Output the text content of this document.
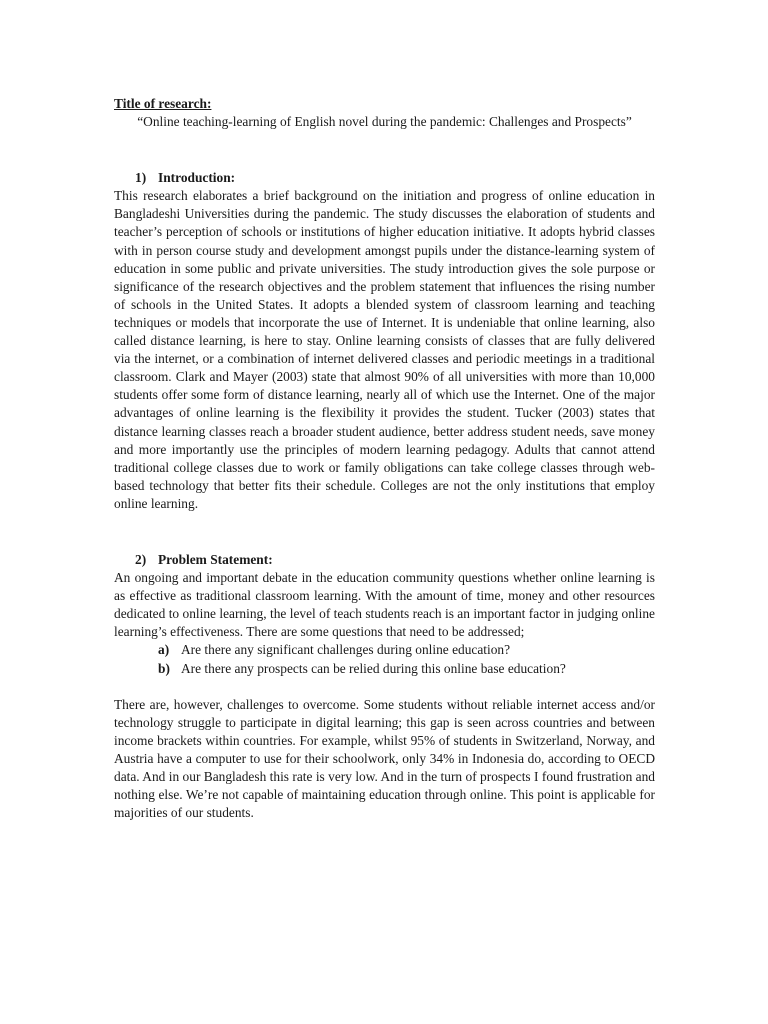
Title of research:

“Online teaching-learning of English novel during the pandemic: Challenges and Prospects”

1) Introduction:

This research elaborates a brief background on the initiation and progress of online education in Bangladeshi Universities during the pandemic. The study discusses the elaboration of students and teacher’s perception of schools or institutions of higher education initiative. It adopts hybrid classes with in person course study and development amongst pupils under the distance-learning system of education in some public and private universities. The study introduction gives the sole purpose or significance of the research objectives and the problem statement that influences the rising number of schools in the United States. It adopts a blended system of classroom learning and teaching techniques or models that incorporate the use of Internet. It is undeniable that online learning, also called distance learning, is here to stay. Online learning consists of classes that are fully delivered via the internet, or a combination of internet delivered classes and periodic meetings in a traditional classroom. Clark and Mayer (2003) state that almost 90% of all universities with more than 10,000 students offer some form of distance learning, nearly all of which use the Internet. One of the major advantages of online learning is the flexibility it provides the student. Tucker (2003) states that distance learning classes reach a broader student audience, better address student needs, save money and more importantly use the principles of modern learning pedagogy. Adults that cannot attend traditional college classes due to work or family obligations can take college classes through web-based technology that better fits their schedule. Colleges are not the only institutions that employ online learning.

2) Problem Statement:

An ongoing and important debate in the education community questions whether online learning is as effective as traditional classroom learning. With the amount of time, money and other resources dedicated to online learning, the level of teach students reach is an important factor in judging online learning’s effectiveness. There are some questions that need to be addressed;

a) Are there any significant challenges during online education?
b) Are there any prospects can be relied during this online base education?

There are, however, challenges to overcome. Some students without reliable internet access and/or technology struggle to participate in digital learning; this gap is seen across countries and between income brackets within countries. For example, whilst 95% of students in Switzerland, Norway, and Austria have a computer to use for their schoolwork, only 34% in Indonesia do, according to OECD data. And in our Bangladesh this rate is very low. And in the turn of prospects I found frustration and nothing else. We’re not capable of maintaining education through online. This point is applicable for majorities of our students.
